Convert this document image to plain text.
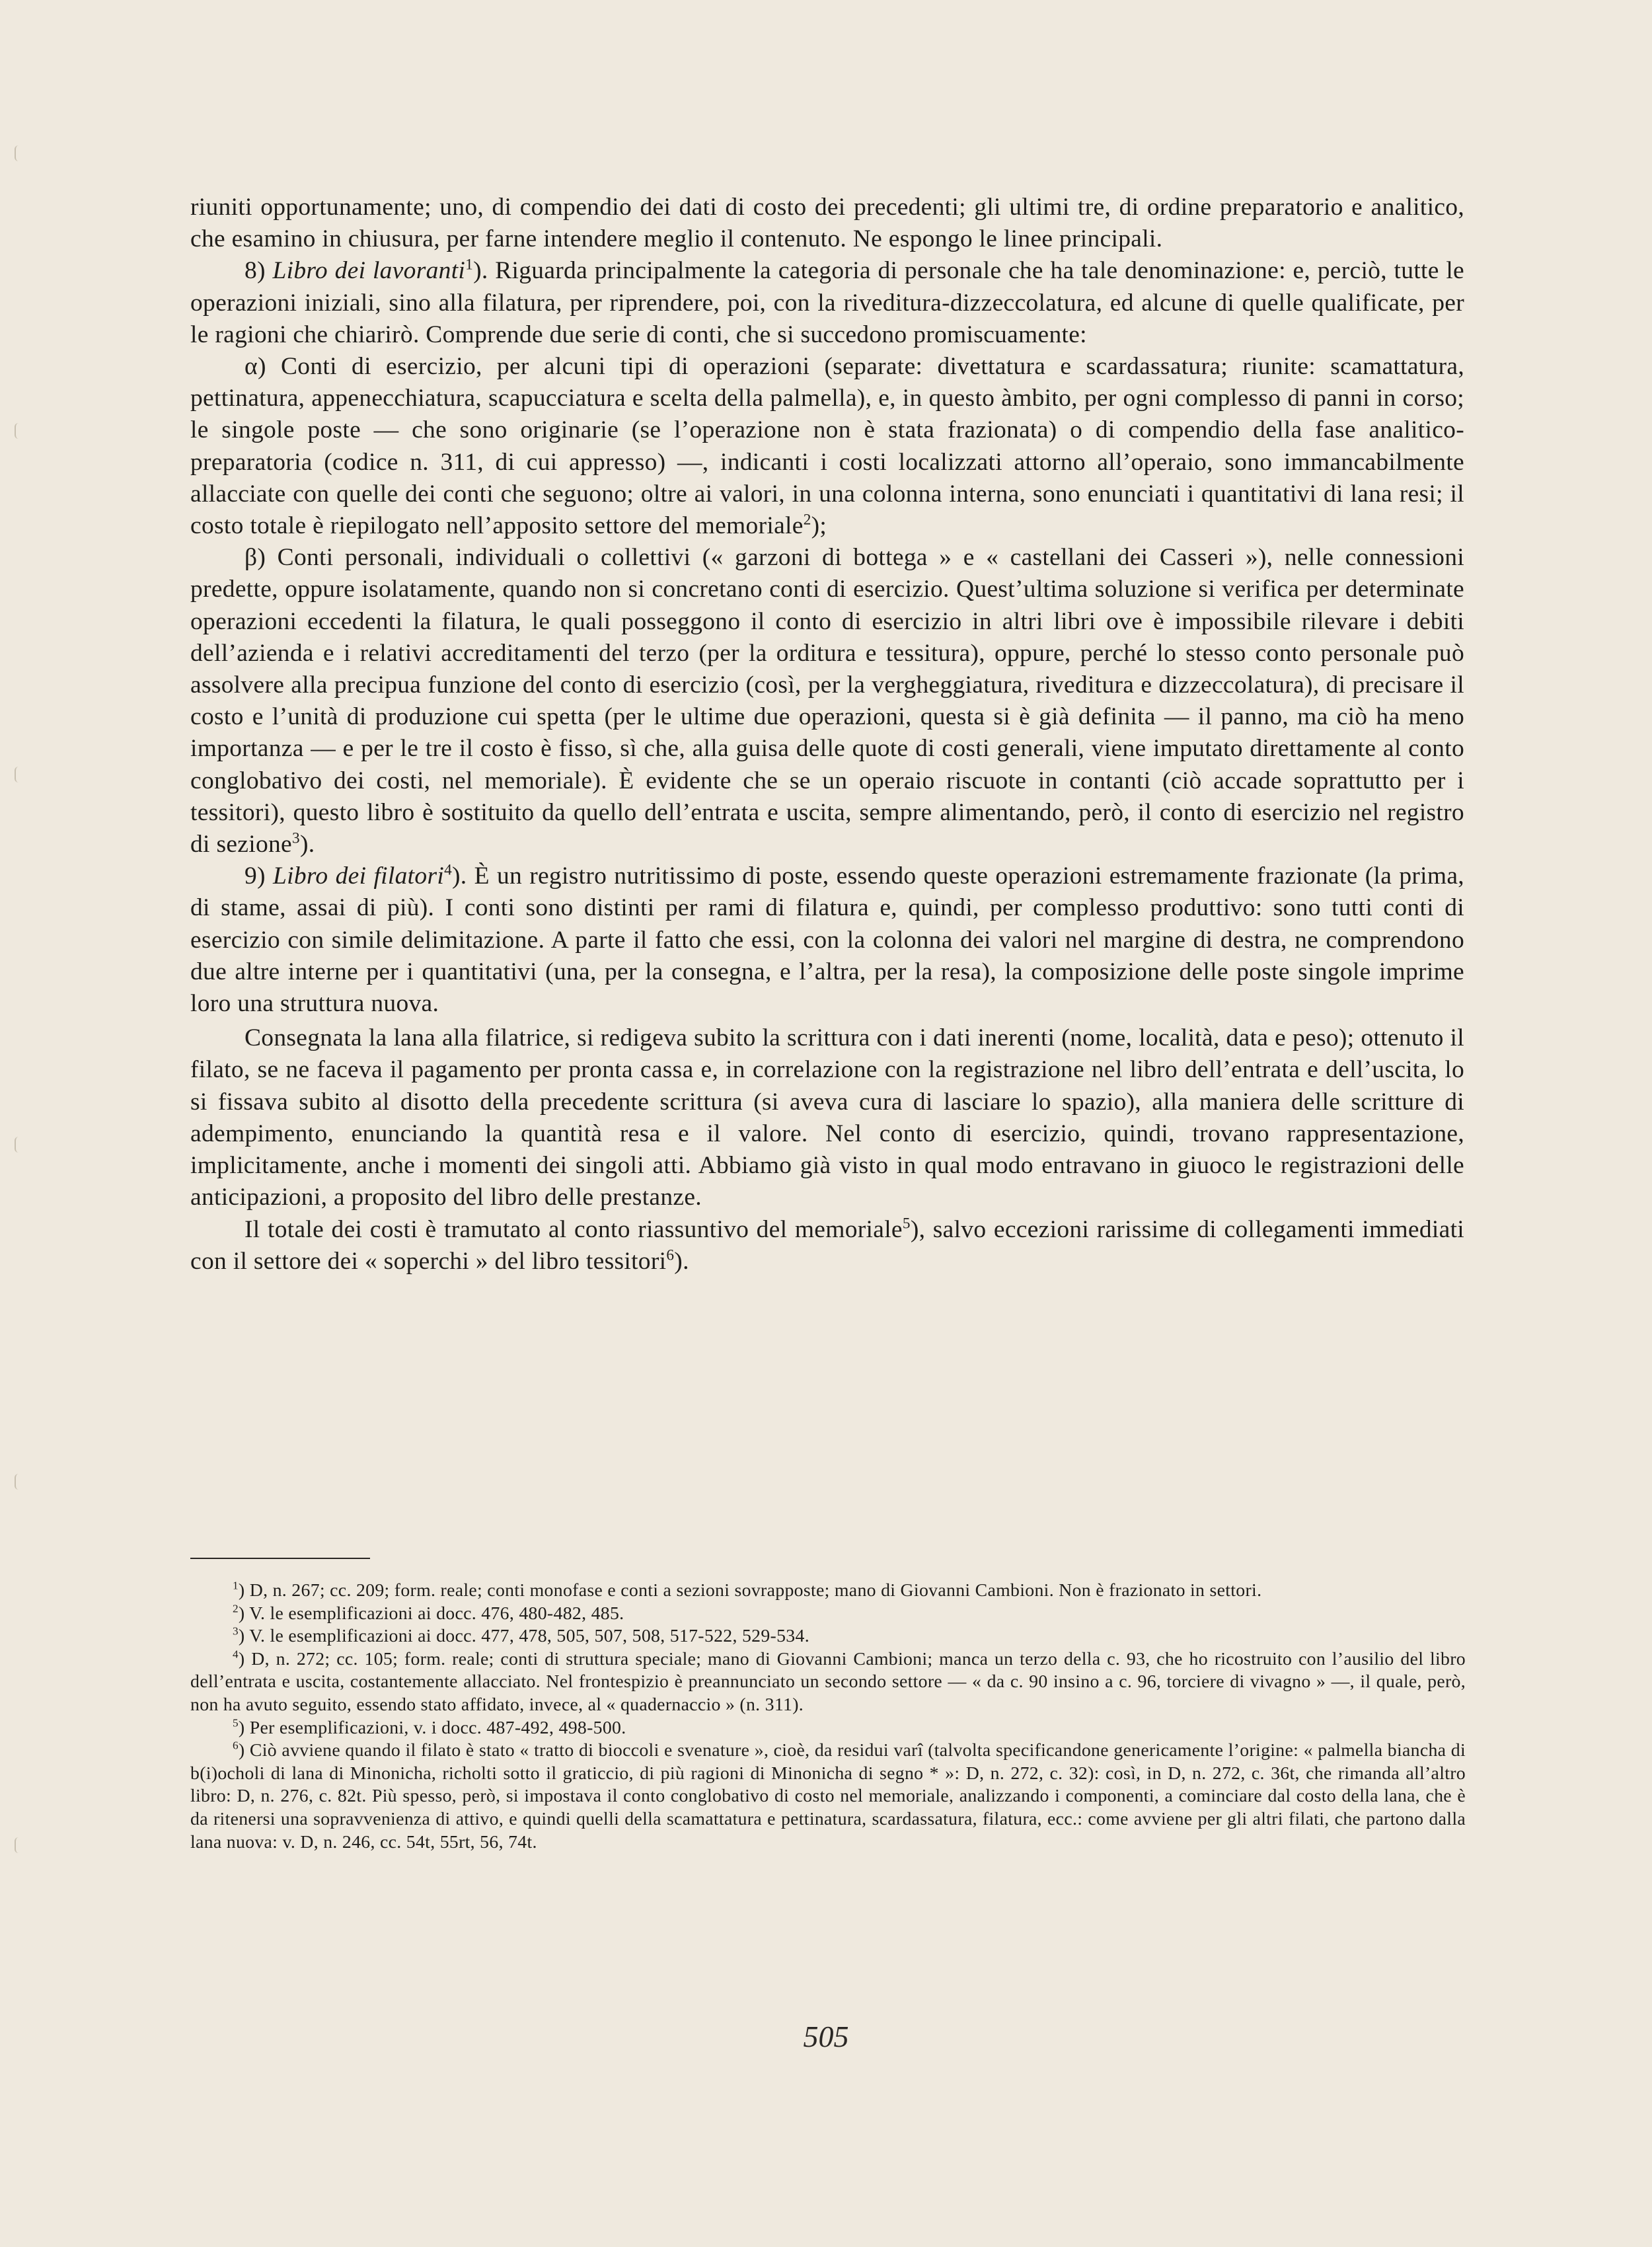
riuniti opportunamente; uno, di compendio dei dati di costo dei precedenti; gli ultimi tre, di ordine preparatorio e analitico, che esamino in chiusura, per farne intendere meglio il contenuto. Ne espongo le linee principali.

8) Libro dei lavoranti$^1$). Riguarda principalmente la categoria di personale che ha tale denominazione: e, perciò, tutte le operazioni iniziali, sino alla filatura, per riprendere, poi, con la riveditura-dizzeccolatura, ed alcune di quelle qualificate, per le ragioni che chiarirò. Comprende due serie di conti, che si succedono promiscuamente:

α) Conti di esercizio, per alcuni tipi di operazioni (separate: divettatura e scardassatura; riunite: scamattatura, pettinatura, appenecchiatura, scapucciatura e scelta della palmella), e, in questo àmbito, per ogni complesso di panni in corso; le singole poste — che sono originarie (se l’operazione non è stata frazionata) o di compendio della fase analitico-preparatoria (codice n. 311, di cui appresso) —, indicanti i costi localizzati attorno all’operaio, sono immancabilmente allacciate con quelle dei conti che seguono; oltre ai valori, in una colonna interna, sono enunciati i quantitativi di lana resi; il costo totale è riepilogato nell’apposito settore del memoriale$^2$);

β) Conti personali, individuali o collettivi (« garzoni di bottega » e « castellani dei Casseri »), nelle connessioni predette, oppure isolatamente, quando non si concretano conti di esercizio. Quest’ultima soluzione si verifica per determinate operazioni eccedenti la filatura, le quali posseggono il conto di esercizio in altri libri ove è impossibile rilevare i debiti dell’azienda e i relativi accreditamenti del terzo (per la orditura e tessitura), oppure, perché lo stesso conto personale può assolvere alla precipua funzione del conto di esercizio (così, per la vergheggiatura, riveditura e dizzeccolatura), di precisare il costo e l’unità di produzione cui spetta (per le ultime due operazioni, questa si è già definita — il panno, ma ciò ha meno importanza — e per le tre il costo è fisso, sì che, alla guisa delle quote di costi generali, viene imputato direttamente al conto conglobativo dei costi, nel memoriale). È evidente che se un operaio riscuote in contanti (ciò accade soprattutto per i tessitori), questo libro è sostituito da quello dell’entrata e uscita, sempre alimentando, però, il conto di esercizio nel registro di sezione$^3$).

9) Libro dei filatori$^4$). È un registro nutritissimo di poste, essendo queste operazioni estremamente frazionate (la prima, di stame, assai di più). I conti sono distinti per rami di filatura e, quindi, per complesso produttivo: sono tutti conti di esercizio con simile delimitazione. A parte il fatto che essi, con la colonna dei valori nel margine di destra, ne comprendono due altre interne per i quantitativi (una, per la consegna, e l’altra, per la resa), la composizione delle poste singole imprime loro una struttura nuova.

Consegnata la lana alla filatrice, si redigeva subito la scrittura con i dati inerenti (nome, località, data e peso); ottenuto il filato, se ne faceva il pagamento per pronta cassa e, in correlazione con la registrazione nel libro dell’entrata e dell’uscita, lo si fissava subito al disotto della precedente scrittura (si aveva cura di lasciare lo spazio), alla maniera delle scritture di adempimento, enunciando la quantità resa e il valore. Nel conto di esercizio, quindi, trovano rappresentazione, implicitamente, anche i momenti dei singoli atti. Abbiamo già visto in qual modo entravano in giuoco le registrazioni delle anticipazioni, a proposito del libro delle prestanze.

Il totale dei costi è tramutato al conto riassuntivo del memoriale$^5$), salvo eccezioni rarissime di collegamenti immediati con il settore dei « soperchi » del libro tessitori$^6$).

$^1$) D, n. 267; cc. 209; form. reale; conti monofase e conti a sezioni sovrapposte; mano di Giovanni Cambioni. Non è frazionato in settori.

$^2$) V. le esemplificazioni ai docc. 476, 480-482, 485.

$^3$) V. le esemplificazioni ai docc. 477, 478, 505, 507, 508, 517-522, 529-534.

$^4$) D, n. 272; cc. 105; form. reale; conti di struttura speciale; mano di Giovanni Cambioni; manca un terzo della c. 93, che ho ricostruito con l’ausilio del libro dell’entrata e uscita, costantemente allacciato. Nel frontespizio è preannunciato un secondo settore — « da c. 90 insino a c. 96, torciere di vivagno » —, il quale, però, non ha avuto seguito, essendo stato affidato, invece, al « quadernaccio » (n. 311).

$^5$) Per esemplificazioni, v. i docc. 487-492, 498-500.

$^6$) Ciò avviene quando il filato è stato « tratto di bioccoli e svenature », cioè, da residui varî (talvolta specificandone genericamente l’origine: « palmella biancha di b(i)ocholi di lana di Minonicha, richolti sotto il graticcio, di più ragioni di Minonicha di segno * »: D, n. 272, c. 32): così, in D, n. 272, c. 36t, che rimanda all’altro libro: D, n. 276, c. 82t. Più spesso, però, si impostava il conto conglobativo di costo nel memoriale, analizzando i componenti, a cominciare dal costo della lana, che è da ritenersi una sopravvenienza di attivo, e quindi quelli della scamattatura e pettinatura, scardassatura, filatura, ecc.: come avviene per gli altri filati, che partono dalla lana nuova: v. D, n. 246, cc. 54t, 55rt, 56, 74t.

505
